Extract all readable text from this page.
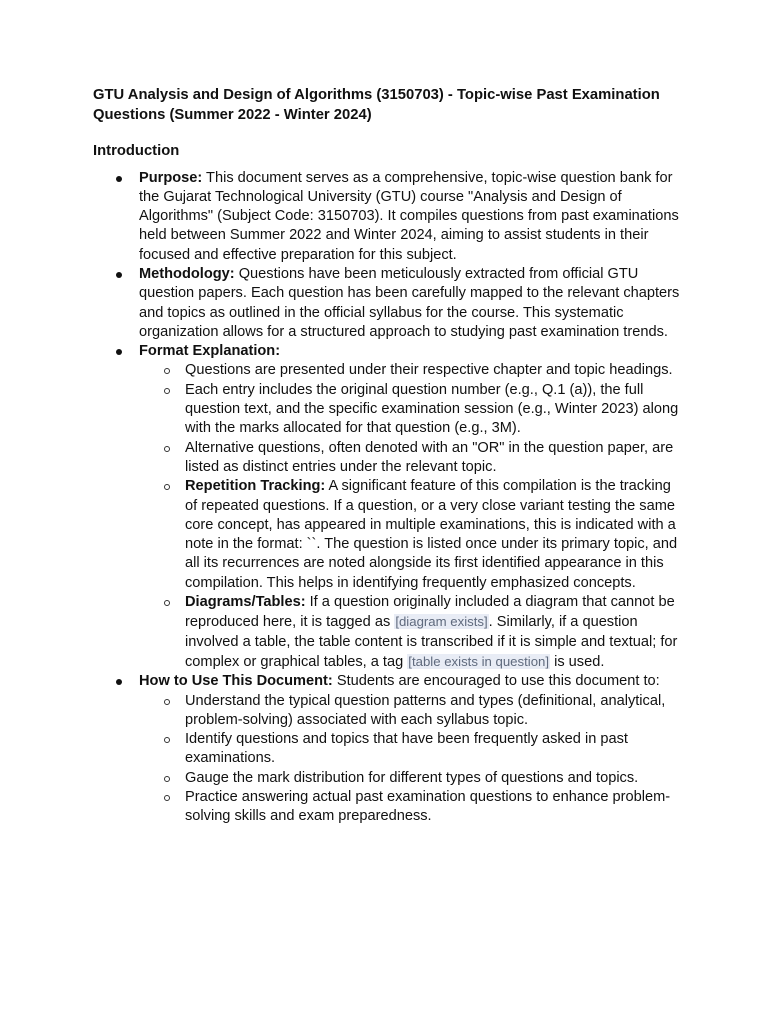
GTU Analysis and Design of Algorithms (3150703) - Topic-wise Past Examination Questions (Summer 2022 - Winter 2024)
Introduction
Purpose: This document serves as a comprehensive, topic-wise question bank for the Gujarat Technological University (GTU) course "Analysis and Design of Algorithms" (Subject Code: 3150703). It compiles questions from past examinations held between Summer 2022 and Winter 2024, aiming to assist students in their focused and effective preparation for this subject.
Methodology: Questions have been meticulously extracted from official GTU question papers. Each question has been carefully mapped to the relevant chapters and topics as outlined in the official syllabus for the course. This systematic organization allows for a structured approach to studying past examination trends.
Format Explanation:
Questions are presented under their respective chapter and topic headings.
Each entry includes the original question number (e.g., Q.1 (a)), the full question text, and the specific examination session (e.g., Winter 2023) along with the marks allocated for that question (e.g., 3M).
Alternative questions, often denoted with an "OR" in the question paper, are listed as distinct entries under the relevant topic.
Repetition Tracking: A significant feature of this compilation is the tracking of repeated questions. If a question, or a very close variant testing the same core concept, has appeared in multiple examinations, this is indicated with a note in the format: ``. The question is listed once under its primary topic, and all its recurrences are noted alongside its first identified appearance in this compilation. This helps in identifying frequently emphasized concepts.
Diagrams/Tables: If a question originally included a diagram that cannot be reproduced here, it is tagged as [diagram exists]. Similarly, if a question involved a table, the table content is transcribed if it is simple and textual; for complex or graphical tables, a tag [table exists in question] is used.
How to Use This Document: Students are encouraged to use this document to:
Understand the typical question patterns and types (definitional, analytical, problem-solving) associated with each syllabus topic.
Identify questions and topics that have been frequently asked in past examinations.
Gauge the mark distribution for different types of questions and topics.
Practice answering actual past examination questions to enhance problem-solving skills and exam preparedness.
